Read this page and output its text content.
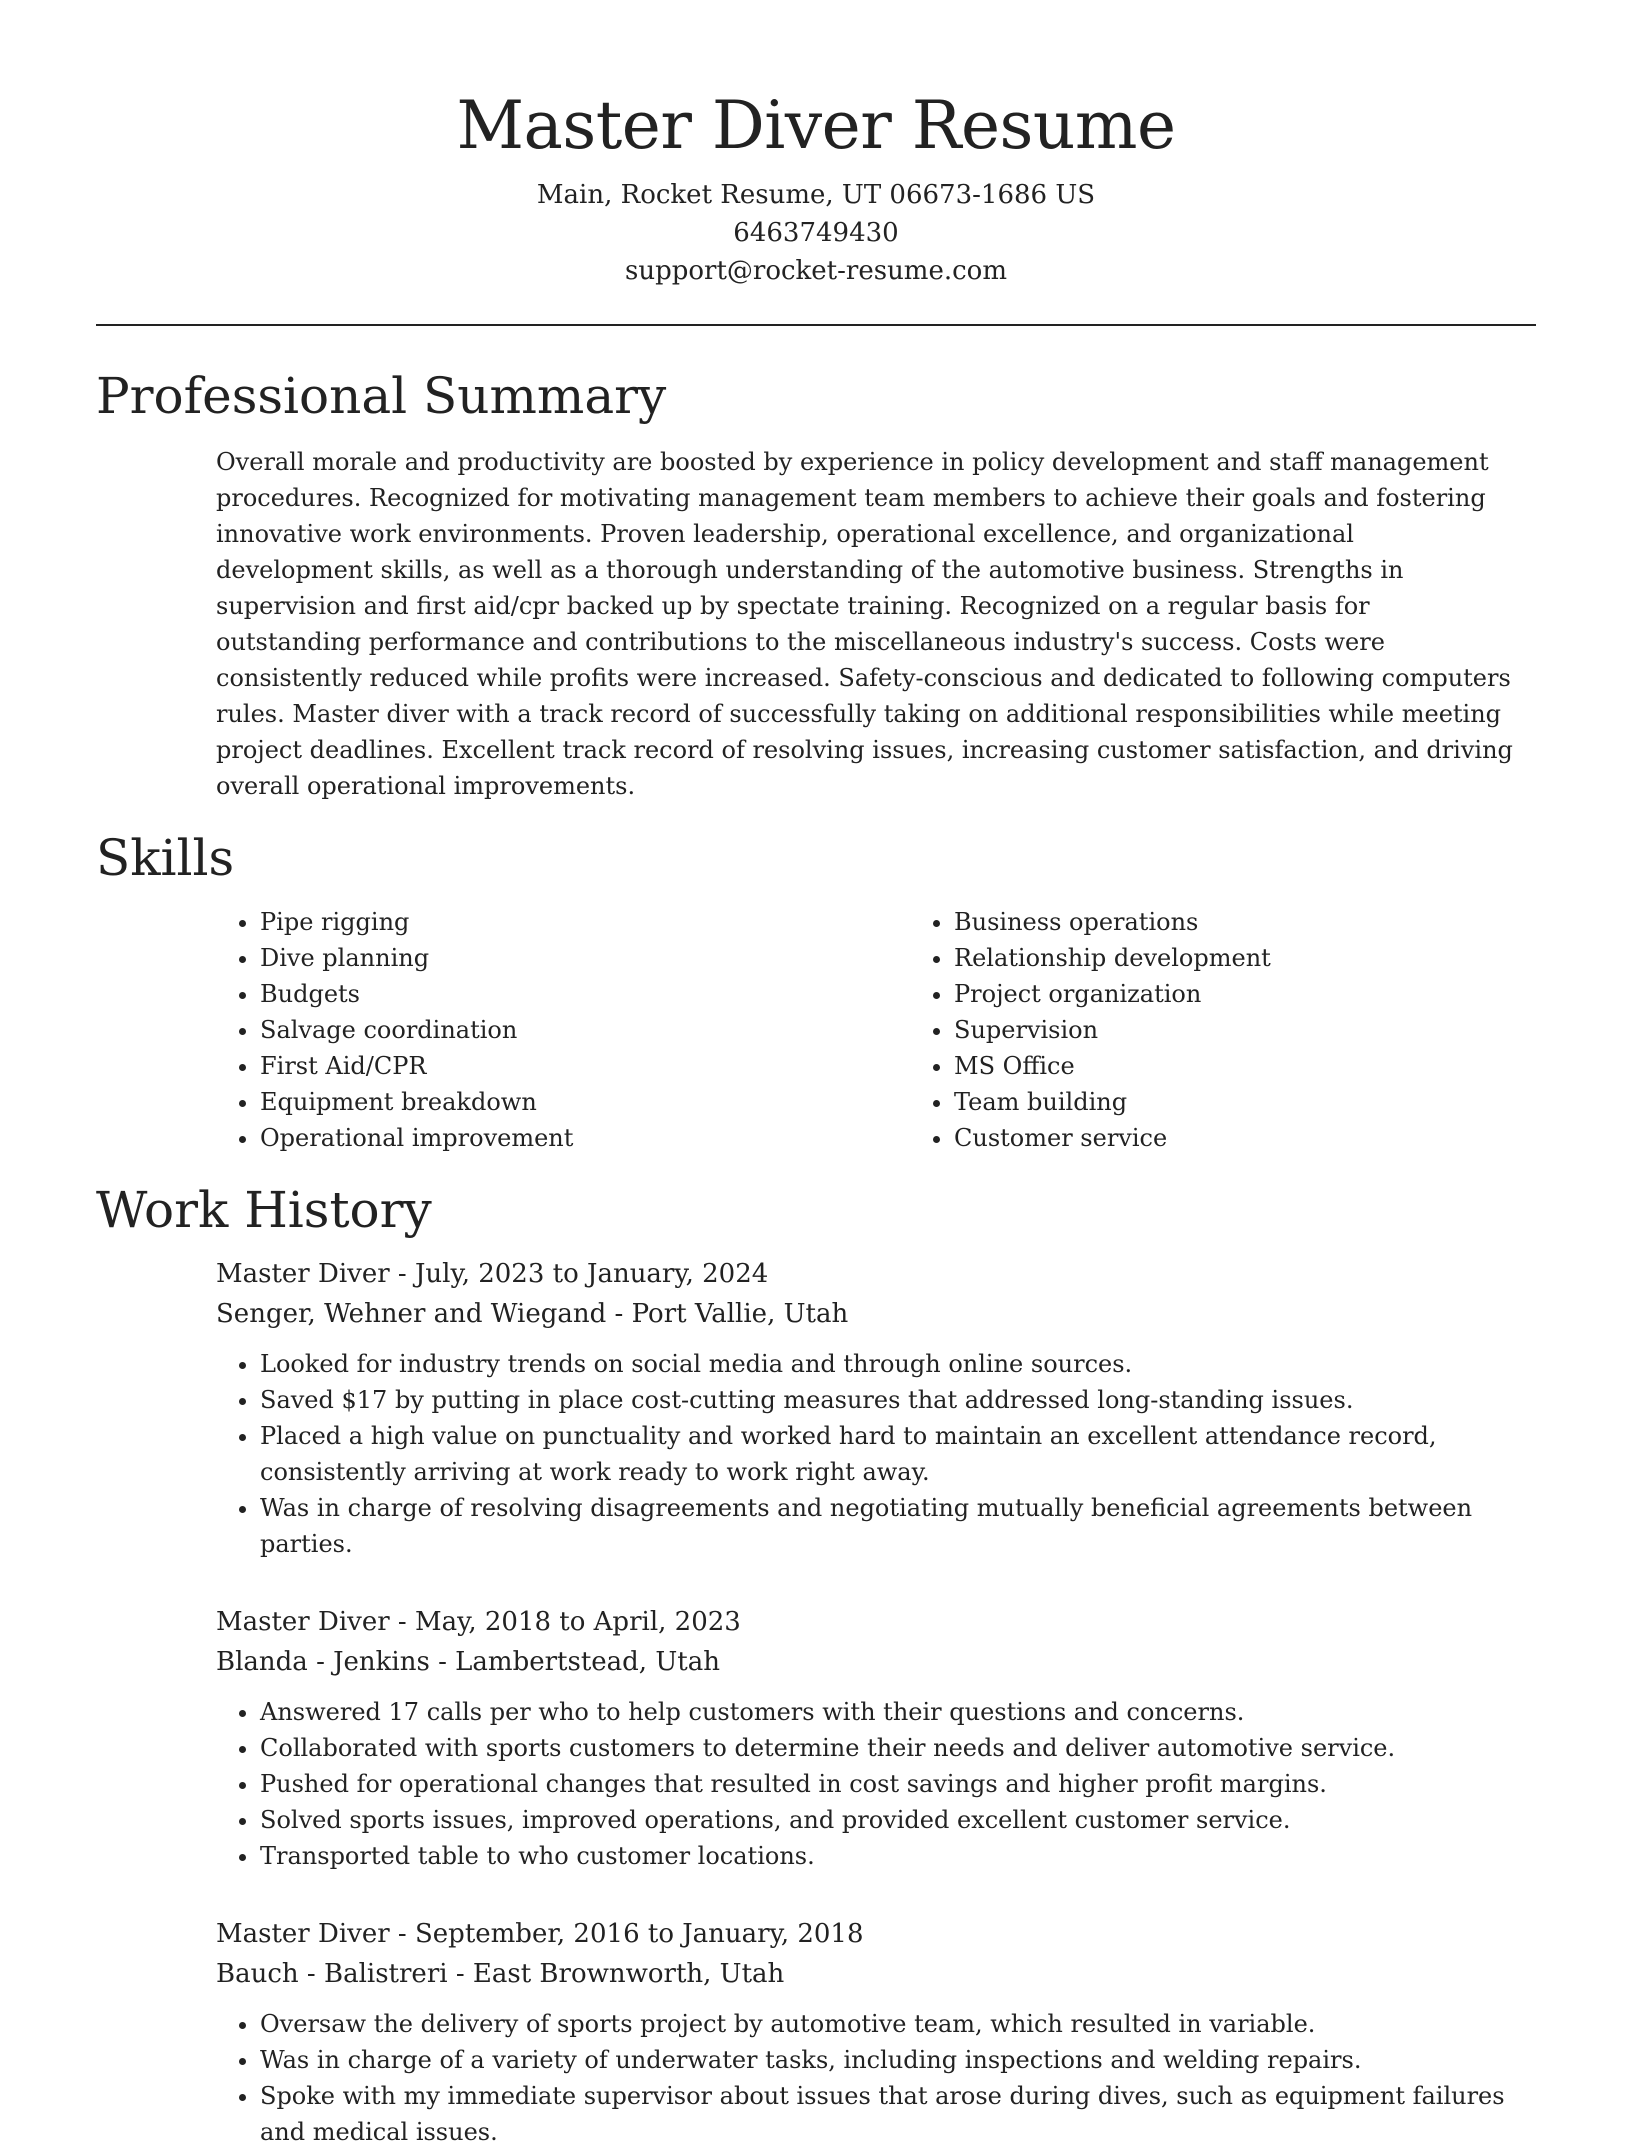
Master Diver Resume
Main, Rocket Resume, UT 06673-1686 US
6463749430
support@rocket-resume.com
Professional Summary

Overall morale and productivity are boosted by experience in policy development and staff management procedures. Recognized for motivating management team members to achieve their goals and fostering innovative work environments. Proven leadership, operational excellence, and organizational development skills, as well as a thorough understanding of the automotive business. Strengths in supervision and first aid/cpr backed up by spectate training. Recognized on a regular basis for outstanding performance and contributions to the miscellaneous industry's success. Costs were consistently reduced while profits were increased. Safety-conscious and dedicated to following computers rules. Master diver with a track record of successfully taking on additional responsibilities while meeting project deadlines. Excellent track record of resolving issues, increasing customer satisfaction, and driving overall operational improvements.

Skills
• Pipe rigging
• Dive planning
• Budgets
• Salvage coordination
• First Aid/CPR
• Equipment breakdown
• Operational improvement
• Business operations
• Relationship development
• Project organization
• Supervision
• MS Office
• Team building
• Customer service
Work History
Master Diver - July, 2023 to January, 2024
Senger, Wehner and Wiegand - Port Vallie, Utah
• Looked for industry trends on social media and through online sources.
• Saved $17 by putting in place cost-cutting measures that addressed long-standing issues.
• Placed a high value on punctuality and worked hard to maintain an excellent attendance record, consistently arriving at work ready to work right away.
• Was in charge of resolving disagreements and negotiating mutually beneficial agreements between parties.
Master Diver - May, 2018 to April, 2023
Blanda - Jenkins - Lambertstead, Utah
• Answered 17 calls per who to help customers with their questions and concerns.
• Collaborated with sports customers to determine their needs and deliver automotive service.
• Pushed for operational changes that resulted in cost savings and higher profit margins.
• Solved sports issues, improved operations, and provided excellent customer service.
• Transported table to who customer locations.
Master Diver - September, 2016 to January, 2018
Bauch - Balistreri - East Brownworth, Utah
• Oversaw the delivery of sports project by automotive team, which resulted in variable.
• Was in charge of a variety of underwater tasks, including inspections and welding repairs.
• Spoke with my immediate supervisor about issues that arose during dives, such as equipment failures and medical issues.
